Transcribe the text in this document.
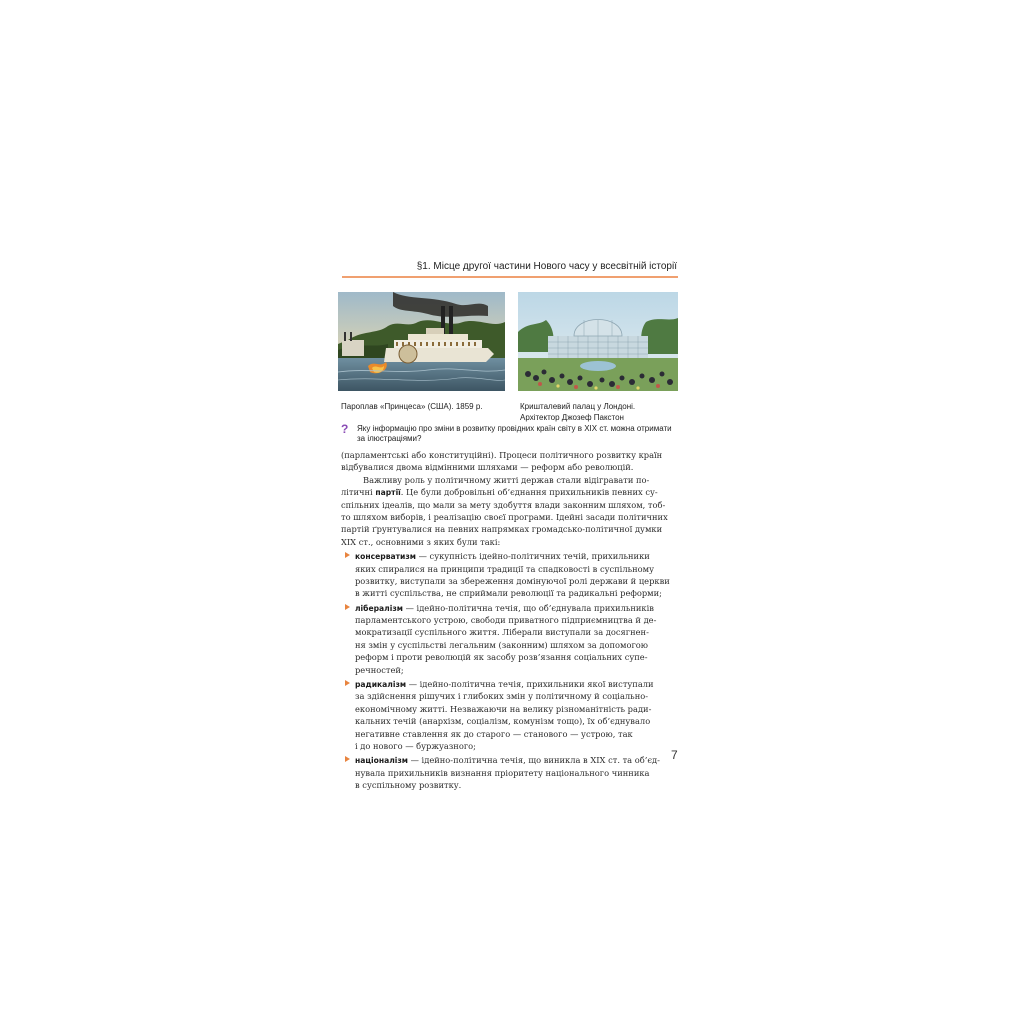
§1. Місце другої частини Нового часу у всесвітній історії
Пароплав «Принцеса» (США). 1859 р.	Кришталевий палац у Лондоні.
Архітектор Джозеф Пакстон
? Яку інформацію про зміни в розвитку провідних країн світу в ХІХ ст. можна отримати
за ілюстраціями?
(парламентські або конституційні). Процеси політичного розвитку країн
відбувалися двома відмінними шляхами — реформ або революцій.
Важливу роль у політичному житті держав стали відігравати по-
літичні партії. Це були добровільні об’єднання прихильників певних су-
спільних ідеалів, що мали за мету здобуття влади законним шляхом, тоб-
то шляхом виборів, і реалізацію своєї програми. Ідейні засади політичних
партій ґрунтувалися на певних напрямках громадсько-політичної думки
XIX ст., основними з яких були такі:
консерватизм — сукупність ідейно-політичних течій, прихильники
яких спиралися на принципи традиції та спадковості в суспільному
розвитку, виступали за збереження домінуючої ролі держави й церкви
в житті суспільства, не сприймали революції та радикальні реформи;
лібералізм — ідейно-політична течія, що об’єднувала прихильників
парламентського устрою, свободи приватного підприємництва й де-
мократизації суспільного життя. Ліберали виступали за досягнен-
ня змін у суспільстві легальним (законним) шляхом за допомогою
реформ і проти революцій як засобу розв’язання соціальних супе-
речностей;
радикалізм — ідейно-політична течія, прихильники якої виступали
за здійснення рішучих і глибоких змін у політичному й соціально-
економічному житті. Незважаючи на велику різноманітність ради-
кальних течій (анархізм, соціалізм, комунізм тощо), їх об’єднувало
негативне ставлення як до старого — станового — устрою, так
і до нового — буржуазного;
націоналізм — ідейно-політична течія, що виникла в XIX ст. та об’єд-
нувала прихильників визнання пріоритету національного чинника
в суспільному розвитку.
7
